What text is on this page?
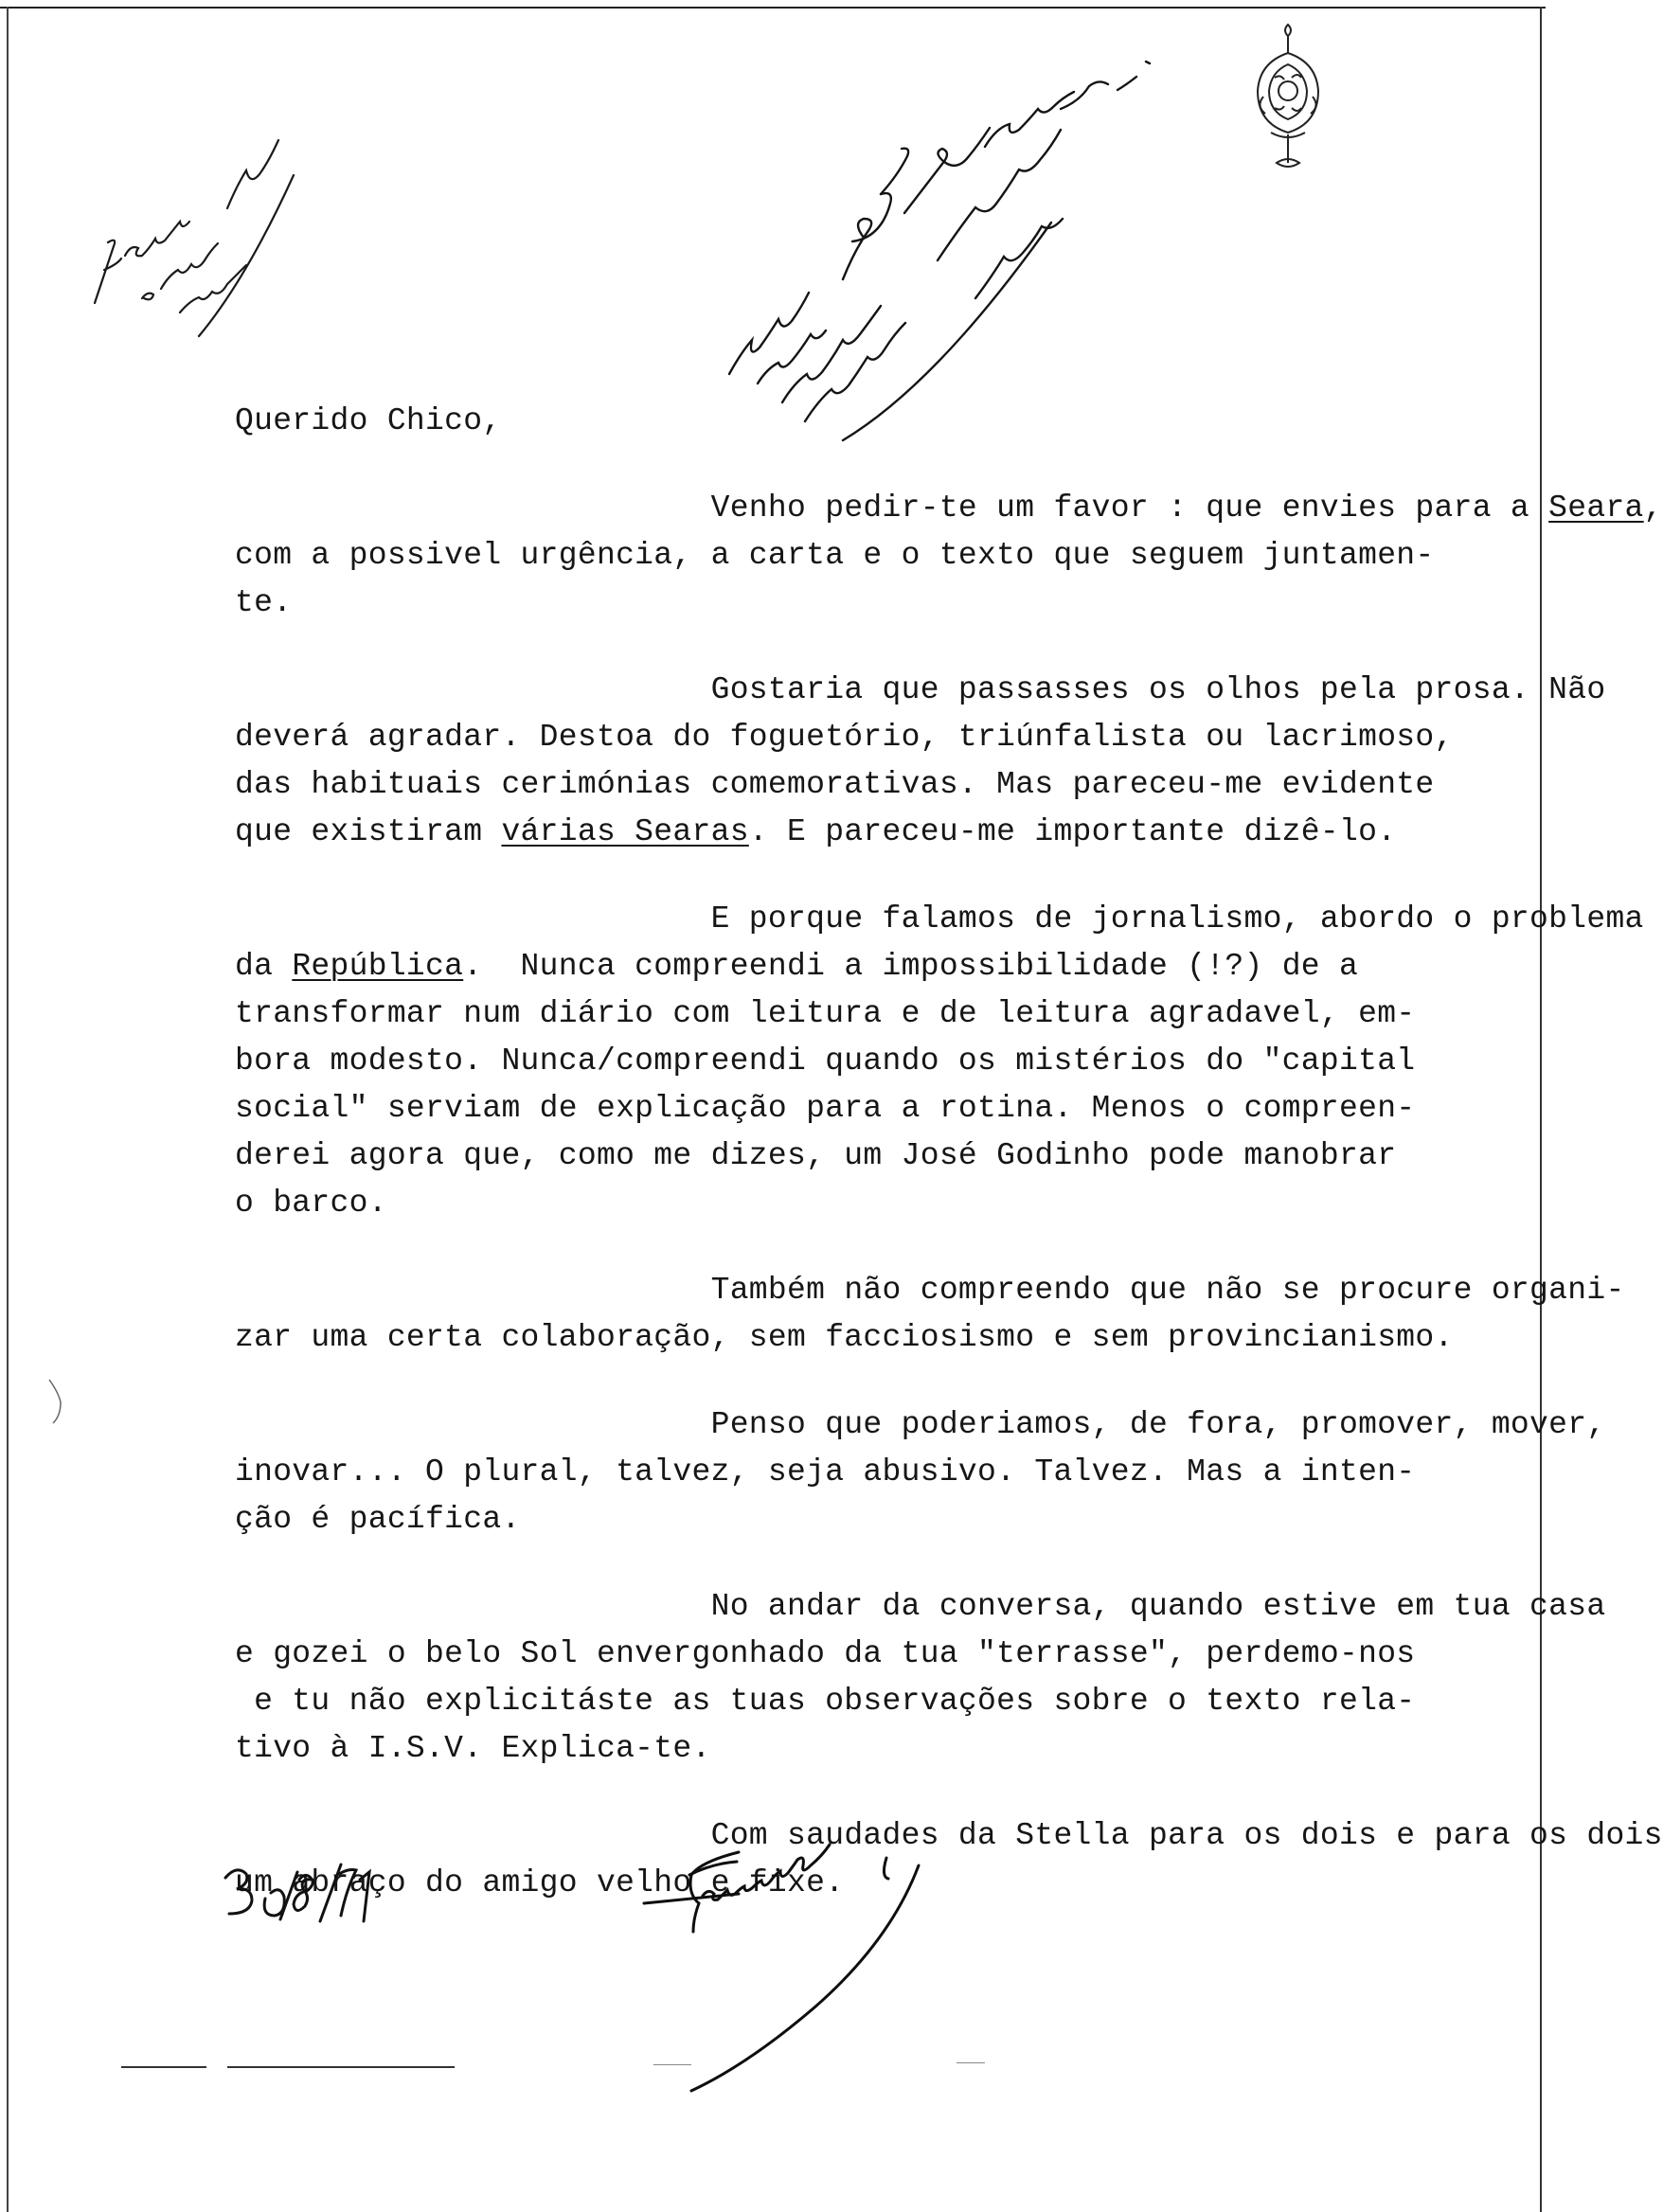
Querido Chico,

Venho pedir-te um favor : que envies para a Seara,

com a possivel urgência, a carta e o texto que seguem juntamen-

te.

Gostaria que passasses os olhos pela prosa. Não

deverá agradar. Destoa do foguetório, triúnfalista ou lacrimoso,

das habituais cerimónias comemorativas. Mas pareceu-me evidente

que existiram várias Searas. E pareceu-me importante dizê-lo.

E porque falamos de jornalismo, abordo o problema

da República.  Nunca compreendi a impossibilidade (!?) de a

transformar num diário com leitura e de leitura agradavel, em-

bora modesto. Nunca/compreendi quando os mistérios do "capital

social" serviam de explicação para a rotina. Menos o compreen-

derei agora que, como me dizes, um José Godinho pode manobrar

o barco.

Também não compreendo que não se procure organi-

zar uma certa colaboração, sem facciosismo e sem provincianismo.

Penso que poderiamos, de fora, promover, mover,

inovar... O plural, talvez, seja abusivo. Talvez. Mas a inten-

ção é pacífica.

No andar da conversa, quando estive em tua casa

e gozei o belo Sol envergonhado da tua "terrasse", perdemo-nos

e tu não explicitáste as tuas observações sobre o texto rela-

tivo à I.S.V. Explica-te.

Com saudades da Stella para os dois e para os dois

um abraço do amigo velho e fixe.
